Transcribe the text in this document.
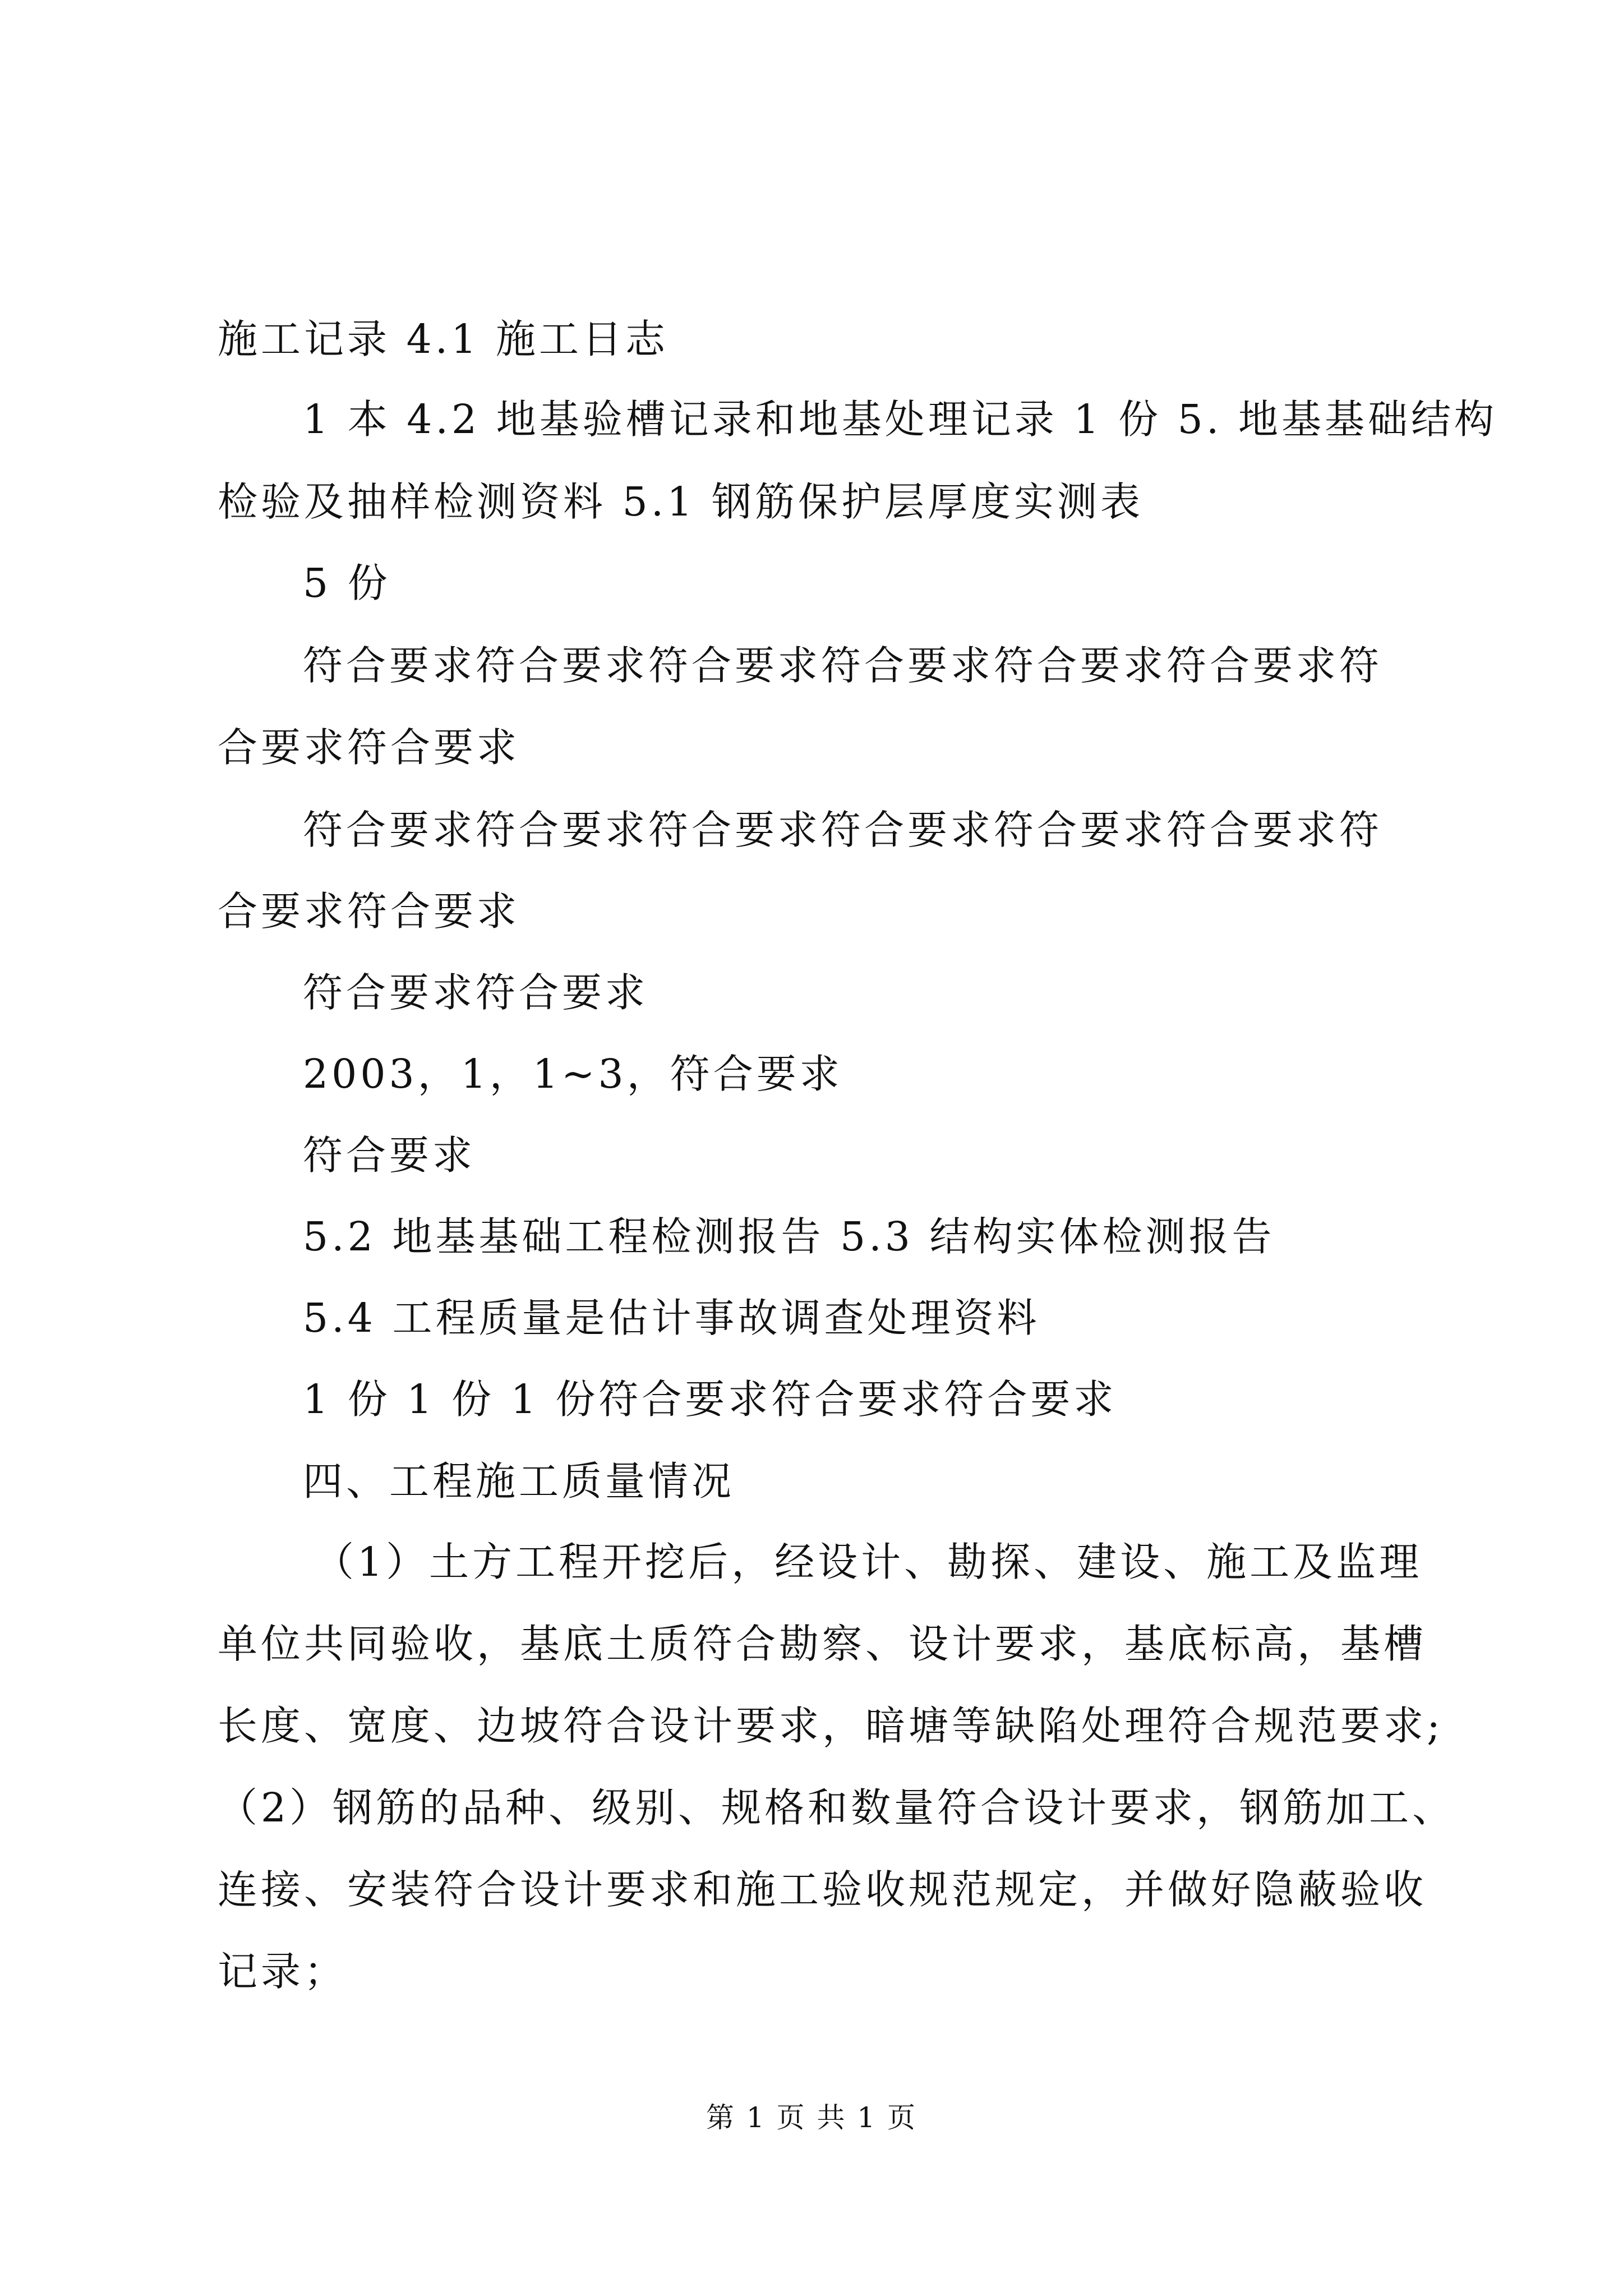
施工记录 4.1 施工日志
1 本 4.2 地基验槽记录和地基处理记录 1 份 5. 地基基础结构
检验及抽样检测资料 5.1 钢筋保护层厚度实测表
5 份
符合要求符合要求符合要求符合要求符合要求符合要求符
合要求符合要求
符合要求符合要求符合要求符合要求符合要求符合要求符
合要求符合要求
符合要求符合要求
2003，1，1~3，符合要求
符合要求
5.2 地基基础工程检测报告 5.3 结构实体检测报告
5.4 工程质量是估计事故调查处理资料
1 份 1 份 1 份符合要求符合要求符合要求
四、工程施工质量情况
（1）土方工程开挖后，经设计、勘探、建设、施工及监理
单位共同验收，基底土质符合勘察、设计要求，基底标高，基槽
长度、宽度、边坡符合设计要求，暗塘等缺陷处理符合规范要求;
（2）钢筋的品种、级别、规格和数量符合设计要求，钢筋加工、
连接、安装符合设计要求和施工验收规范规定，并做好隐蔽验收
记录；
第 1 页 共 1 页
